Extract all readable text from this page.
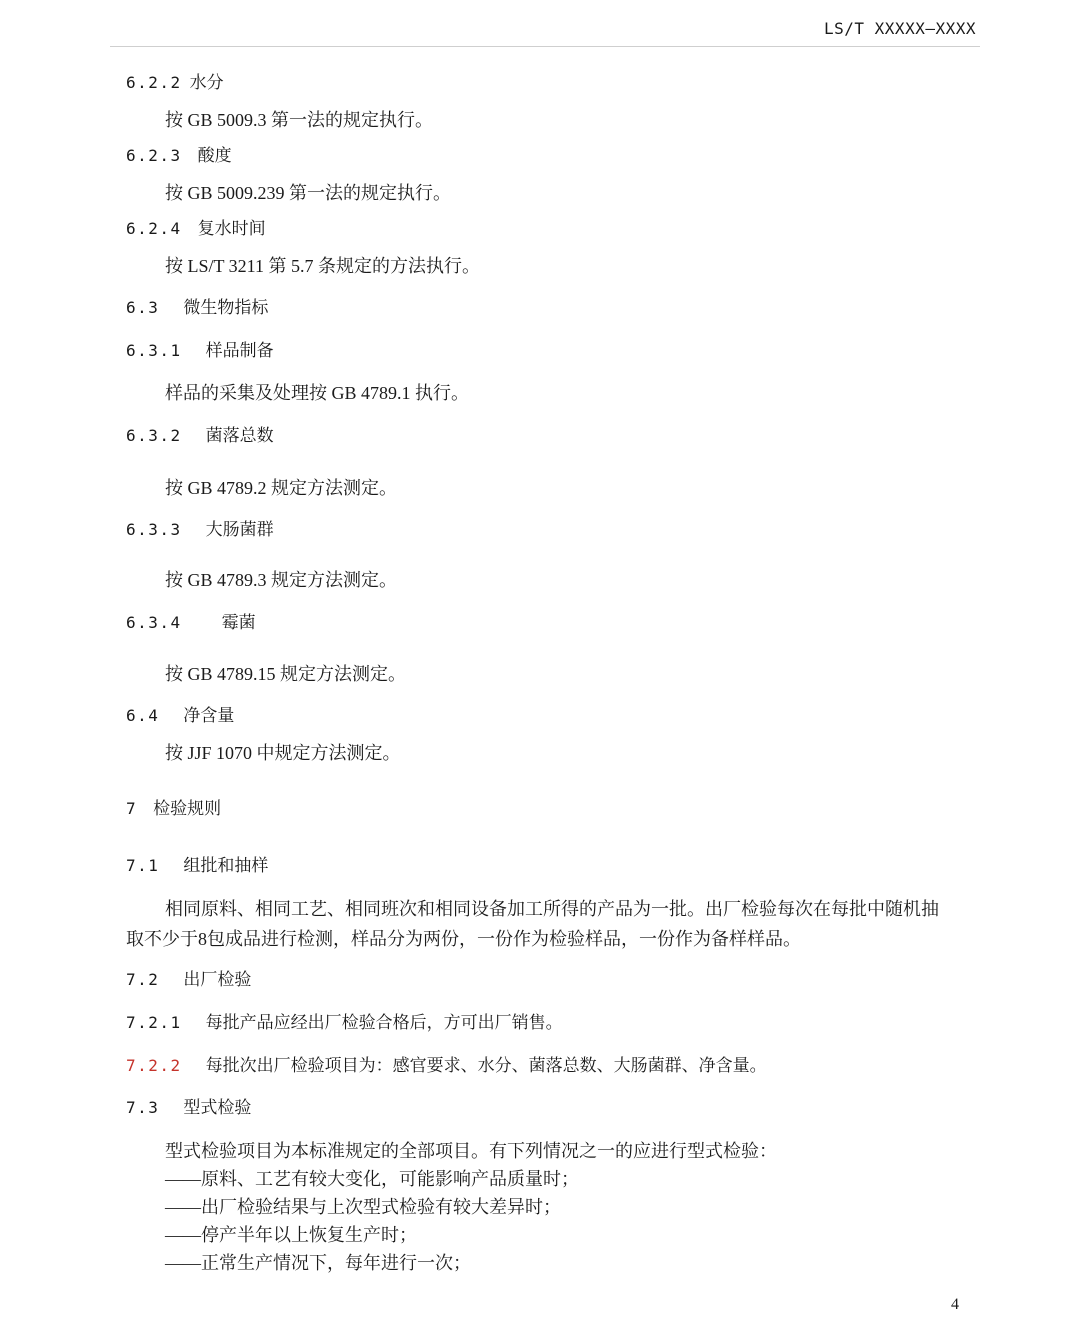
LS/T XXXXX—XXXX
6.2.2 水分
按 GB 5009.3 第一法的规定执行。
6.2.3 酸度
按 GB 5009.239 第一法的规定执行。
6.2.4 复水时间
按 LS/T 3211 第 5.7 条规定的方法执行。
6.3 微生物指标
6.3.1 样品制备
样品的采集及处理按 GB 4789.1 执行。
6.3.2 菌落总数
按 GB 4789.2 规定方法测定。
6.3.3 大肠菌群
按 GB 4789.3 规定方法测定。
6.3.4 霉菌
按 GB 4789.15 规定方法测定。
6.4 净含量
按 JJF 1070 中规定方法测定。
7 检验规则
7.1 组批和抽样
相同原料、相同工艺、相同班次和相同设备加工所得的产品为一批。出厂检验每次在每批中随机抽
取不少于8包成品进行检测，样品分为两份，一份作为检验样品，一份作为备样样品。
7.2 出厂检验
7.2.1 每批产品应经出厂检验合格后，方可出厂销售。
7.2.2 每批次出厂检验项目为：感官要求、水分、菌落总数、大肠菌群、净含量。
7.3 型式检验
型式检验项目为本标准规定的全部项目。有下列情况之一的应进行型式检验：
——原料、工艺有较大变化，可能影响产品质量时；
——出厂检验结果与上次型式检验有较大差异时；
——停产半年以上恢复生产时；
——正常生产情况下，每年进行一次；
4
